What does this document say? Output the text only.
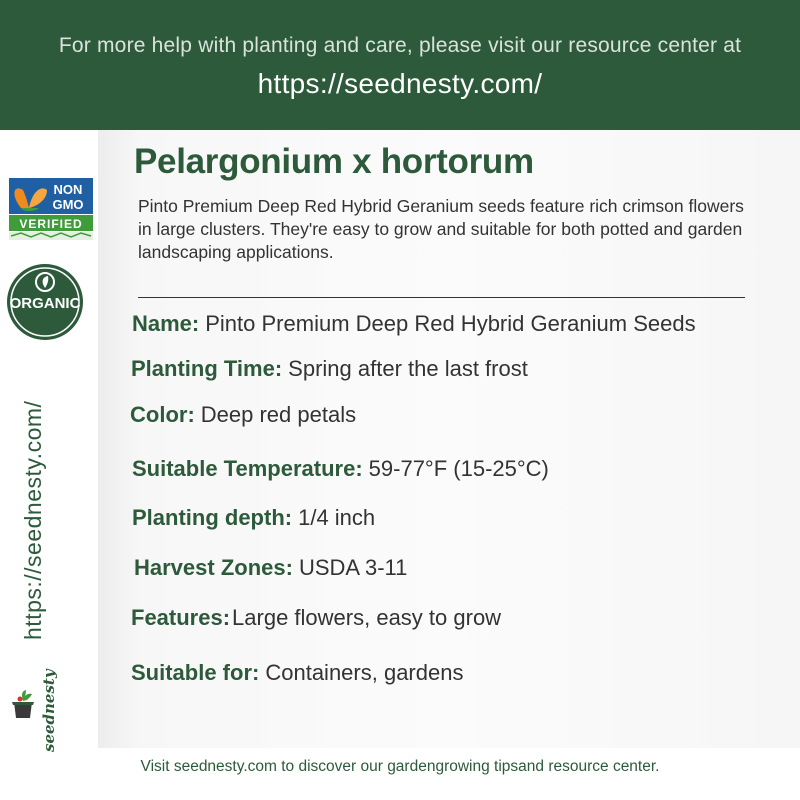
For more help with planting and care, please visit our resource center at
https://seednesty.com/
NON
GMO
VERIFIED
ORGANIC
https://seednesty.com/
seednesty
Pelargonium x hortorum
Pinto Premium Deep Red Hybrid Geranium seeds feature rich crimson flowers in large clusters. They're easy to grow and suitable for both potted and garden landscaping applications.
Name: Pinto Premium Deep Red Hybrid Geranium Seeds
Planting Time: Spring after the last frost
Color: Deep red petals
Suitable Temperature: 59-77°F (15-25°C)
Planting depth: 1/4 inch
Harvest Zones: USDA 3-11
Features:Large flowers, easy to grow
Suitable for: Containers, gardens
Visit seednesty.com to discover our gardengrowing tipsand resource center.
